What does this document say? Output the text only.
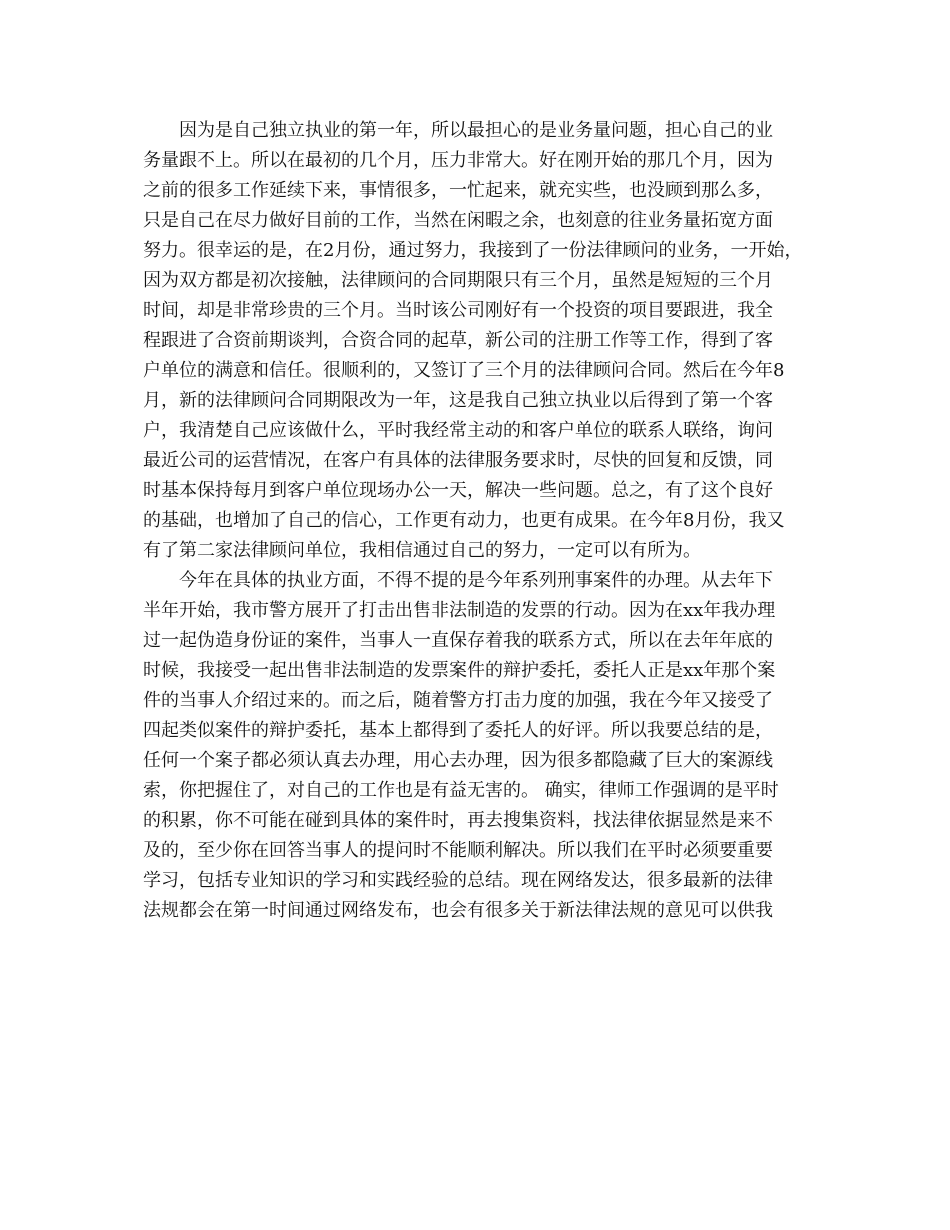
　　因为是自己独立执业的第一年，所以最担心的是业务量问题，担心自己的业
务量跟不上。所以在最初的几个月，压力非常大。好在刚开始的那几个月，因为
之前的很多工作延续下来，事情很多，一忙起来，就充实些，也没顾到那么多，
只是自己在尽力做好目前的工作，当然在闲暇之余，也刻意的往业务量拓宽方面
努力。很幸运的是，在2月份，通过努力，我接到了一份法律顾问的业务，一开始，
因为双方都是初次接触，法律顾问的合同期限只有三个月，虽然是短短的三个月
时间，却是非常珍贵的三个月。当时该公司刚好有一个投资的项目要跟进，我全
程跟进了合资前期谈判，合资合同的起草，新公司的注册工作等工作，得到了客
户单位的满意和信任。很顺利的，又签订了三个月的法律顾问合同。然后在今年8
月，新的法律顾问合同期限改为一年，这是我自己独立执业以后得到了第一个客
户，我清楚自己应该做什么，平时我经常主动的和客户单位的联系人联络，询问
最近公司的运营情况，在客户有具体的法律服务要求时，尽快的回复和反馈，同
时基本保持每月到客户单位现场办公一天，解决一些问题。总之，有了这个良好
的基础，也增加了自己的信心，工作更有动力，也更有成果。在今年8月份，我又
有了第二家法律顾问单位，我相信通过自己的努力，一定可以有所为。
　　今年在具体的执业方面，不得不提的是今年系列刑事案件的办理。从去年下
半年开始，我市警方展开了打击出售非法制造的发票的行动。因为在xx年我办理
过一起伪造身份证的案件，当事人一直保存着我的联系方式，所以在去年年底的
时候，我接受一起出售非法制造的发票案件的辩护委托，委托人正是xx年那个案
件的当事人介绍过来的。而之后，随着警方打击力度的加强，我在今年又接受了
四起类似案件的辩护委托，基本上都得到了委托人的好评。所以我要总结的是，
任何一个案子都必须认真去办理，用心去办理，因为很多都隐藏了巨大的案源线
索，你把握住了，对自己的工作也是有益无害的。 确实，律师工作强调的是平时
的积累，你不可能在碰到具体的案件时，再去搜集资料，找法律依据显然是来不
及的，至少你在回答当事人的提问时不能顺利解决。所以我们在平时必须要重要
学习，包括专业知识的学习和实践经验的总结。现在网络发达，很多最新的法律
法规都会在第一时间通过网络发布，也会有很多关于新法律法规的意见可以供我
